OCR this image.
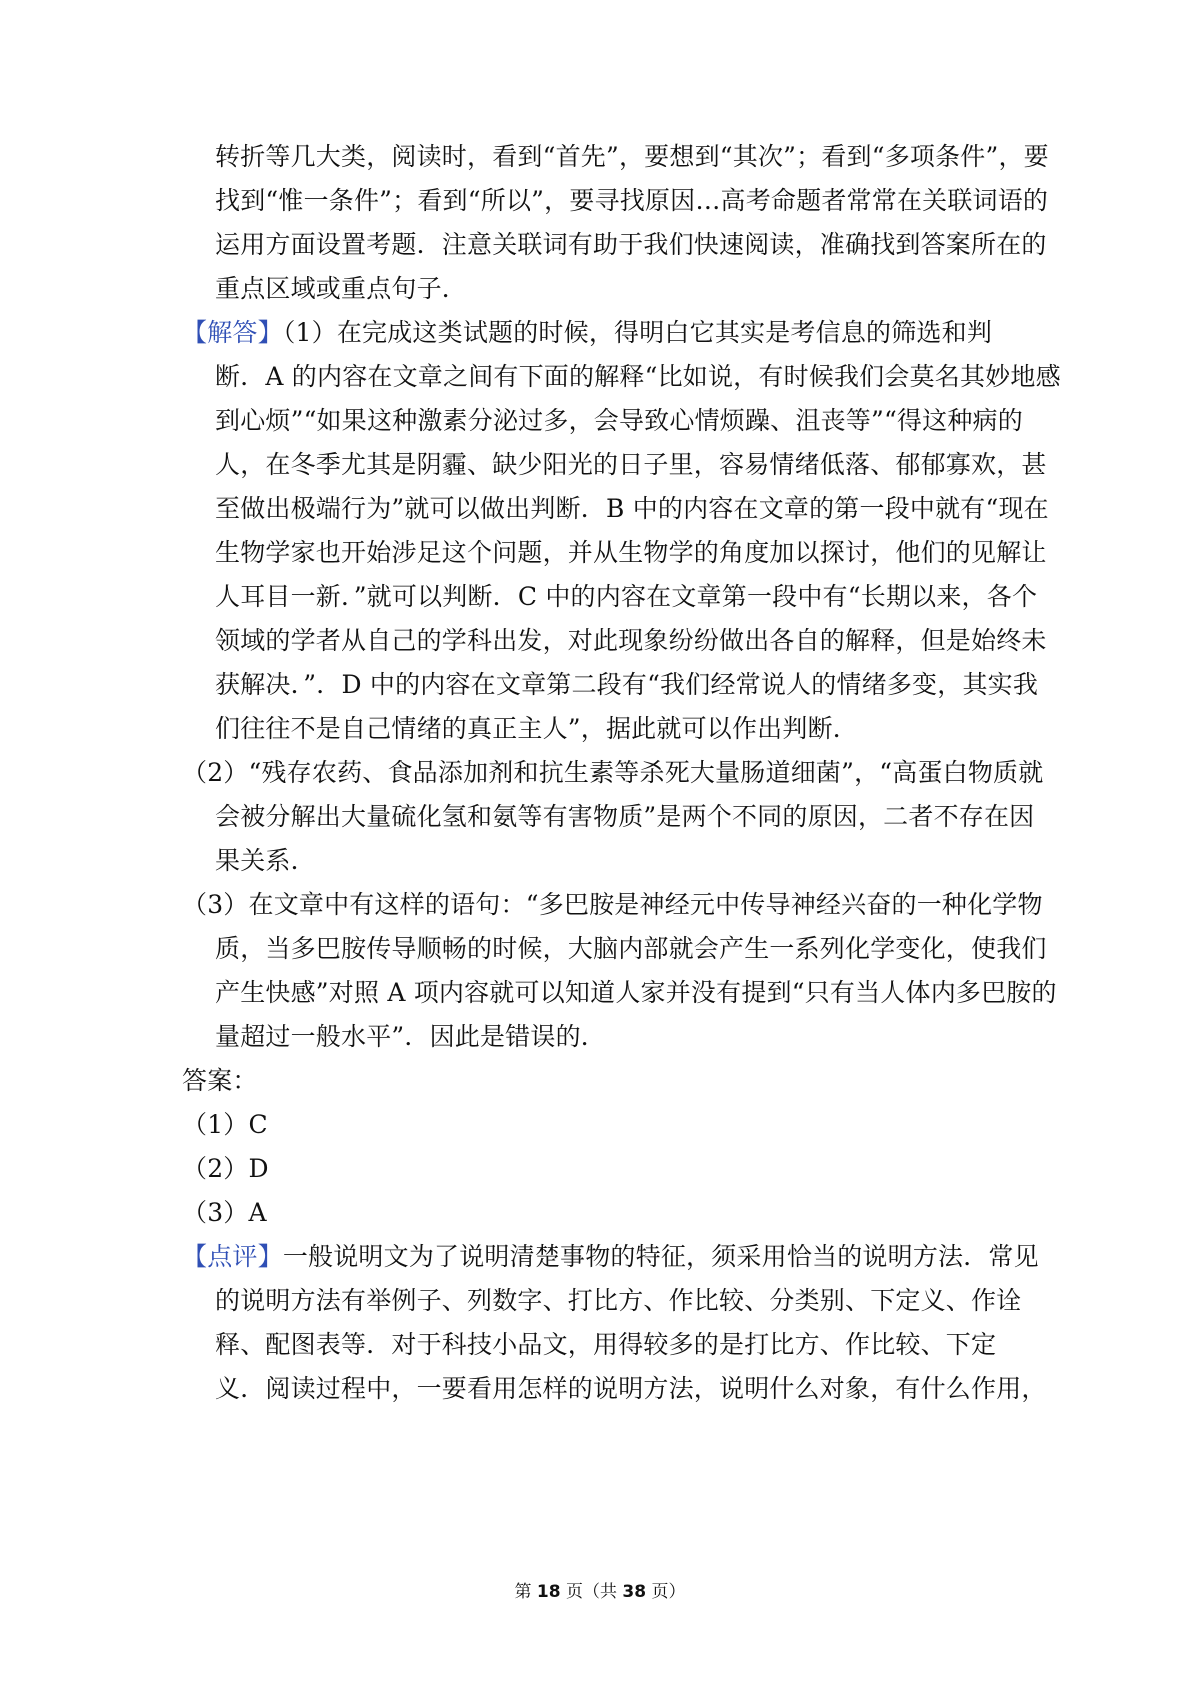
转折等几大类，阅读时，看到“首先”，要想到“其次”；看到“多项条件”，要
找到“惟一条件”；看到“所以”，要寻找原因…高考命题者常常在关联词语的
运用方面设置考题．注意关联词有助于我们快速阅读，准确找到答案所在的
重点区域或重点句子．
【解答】（1）在完成这类试题的时候，得明白它其实是考信息的筛选和判
断．A 的内容在文章之间有下面的解释“比如说，有时候我们会莫名其妙地感
到心烦”“如果这种激素分泌过多，会导致心情烦躁、沮丧等”“得这种病的
人，在冬季尤其是阴霾、缺少阳光的日子里，容易情绪低落、郁郁寡欢，甚
至做出极端行为”就可以做出判断．B 中的内容在文章的第一段中就有“现在
生物学家也开始涉足这个问题，并从生物学的角度加以探讨，他们的见解让
人耳目一新．”就可以判断．C 中的内容在文章第一段中有“长期以来，各个
领域的学者从自己的学科出发，对此现象纷纷做出各自的解释，但是始终未
获解决．”．D 中的内容在文章第二段有“我们经常说人的情绪多变，其实我
们往往不是自己情绪的真正主人”，据此就可以作出判断．
（2）“残存农药、食品添加剂和抗生素等杀死大量肠道细菌”，“高蛋白物质就
会被分解出大量硫化氢和氨等有害物质”是两个不同的原因，二者不存在因
果关系．
（3）在文章中有这样的语句：“多巴胺是神经元中传导神经兴奋的一种化学物
质，当多巴胺传导顺畅的时候，大脑内部就会产生一系列化学变化，使我们
产生快感”对照 A 项内容就可以知道人家并没有提到“只有当人体内多巴胺的
量超过一般水平”．因此是错误的．
答案：
（1）C
（2）D
（3）A
【点评】一般说明文为了说明清楚事物的特征，须采用恰当的说明方法．常见
的说明方法有举例子、列数字、打比方、作比较、分类别、下定义、作诠
释、配图表等．对于科技小品文，用得较多的是打比方、作比较、下定
义．阅读过程中，一要看用怎样的说明方法，说明什么对象，有什么作用，
第 18 页（共 38 页）
